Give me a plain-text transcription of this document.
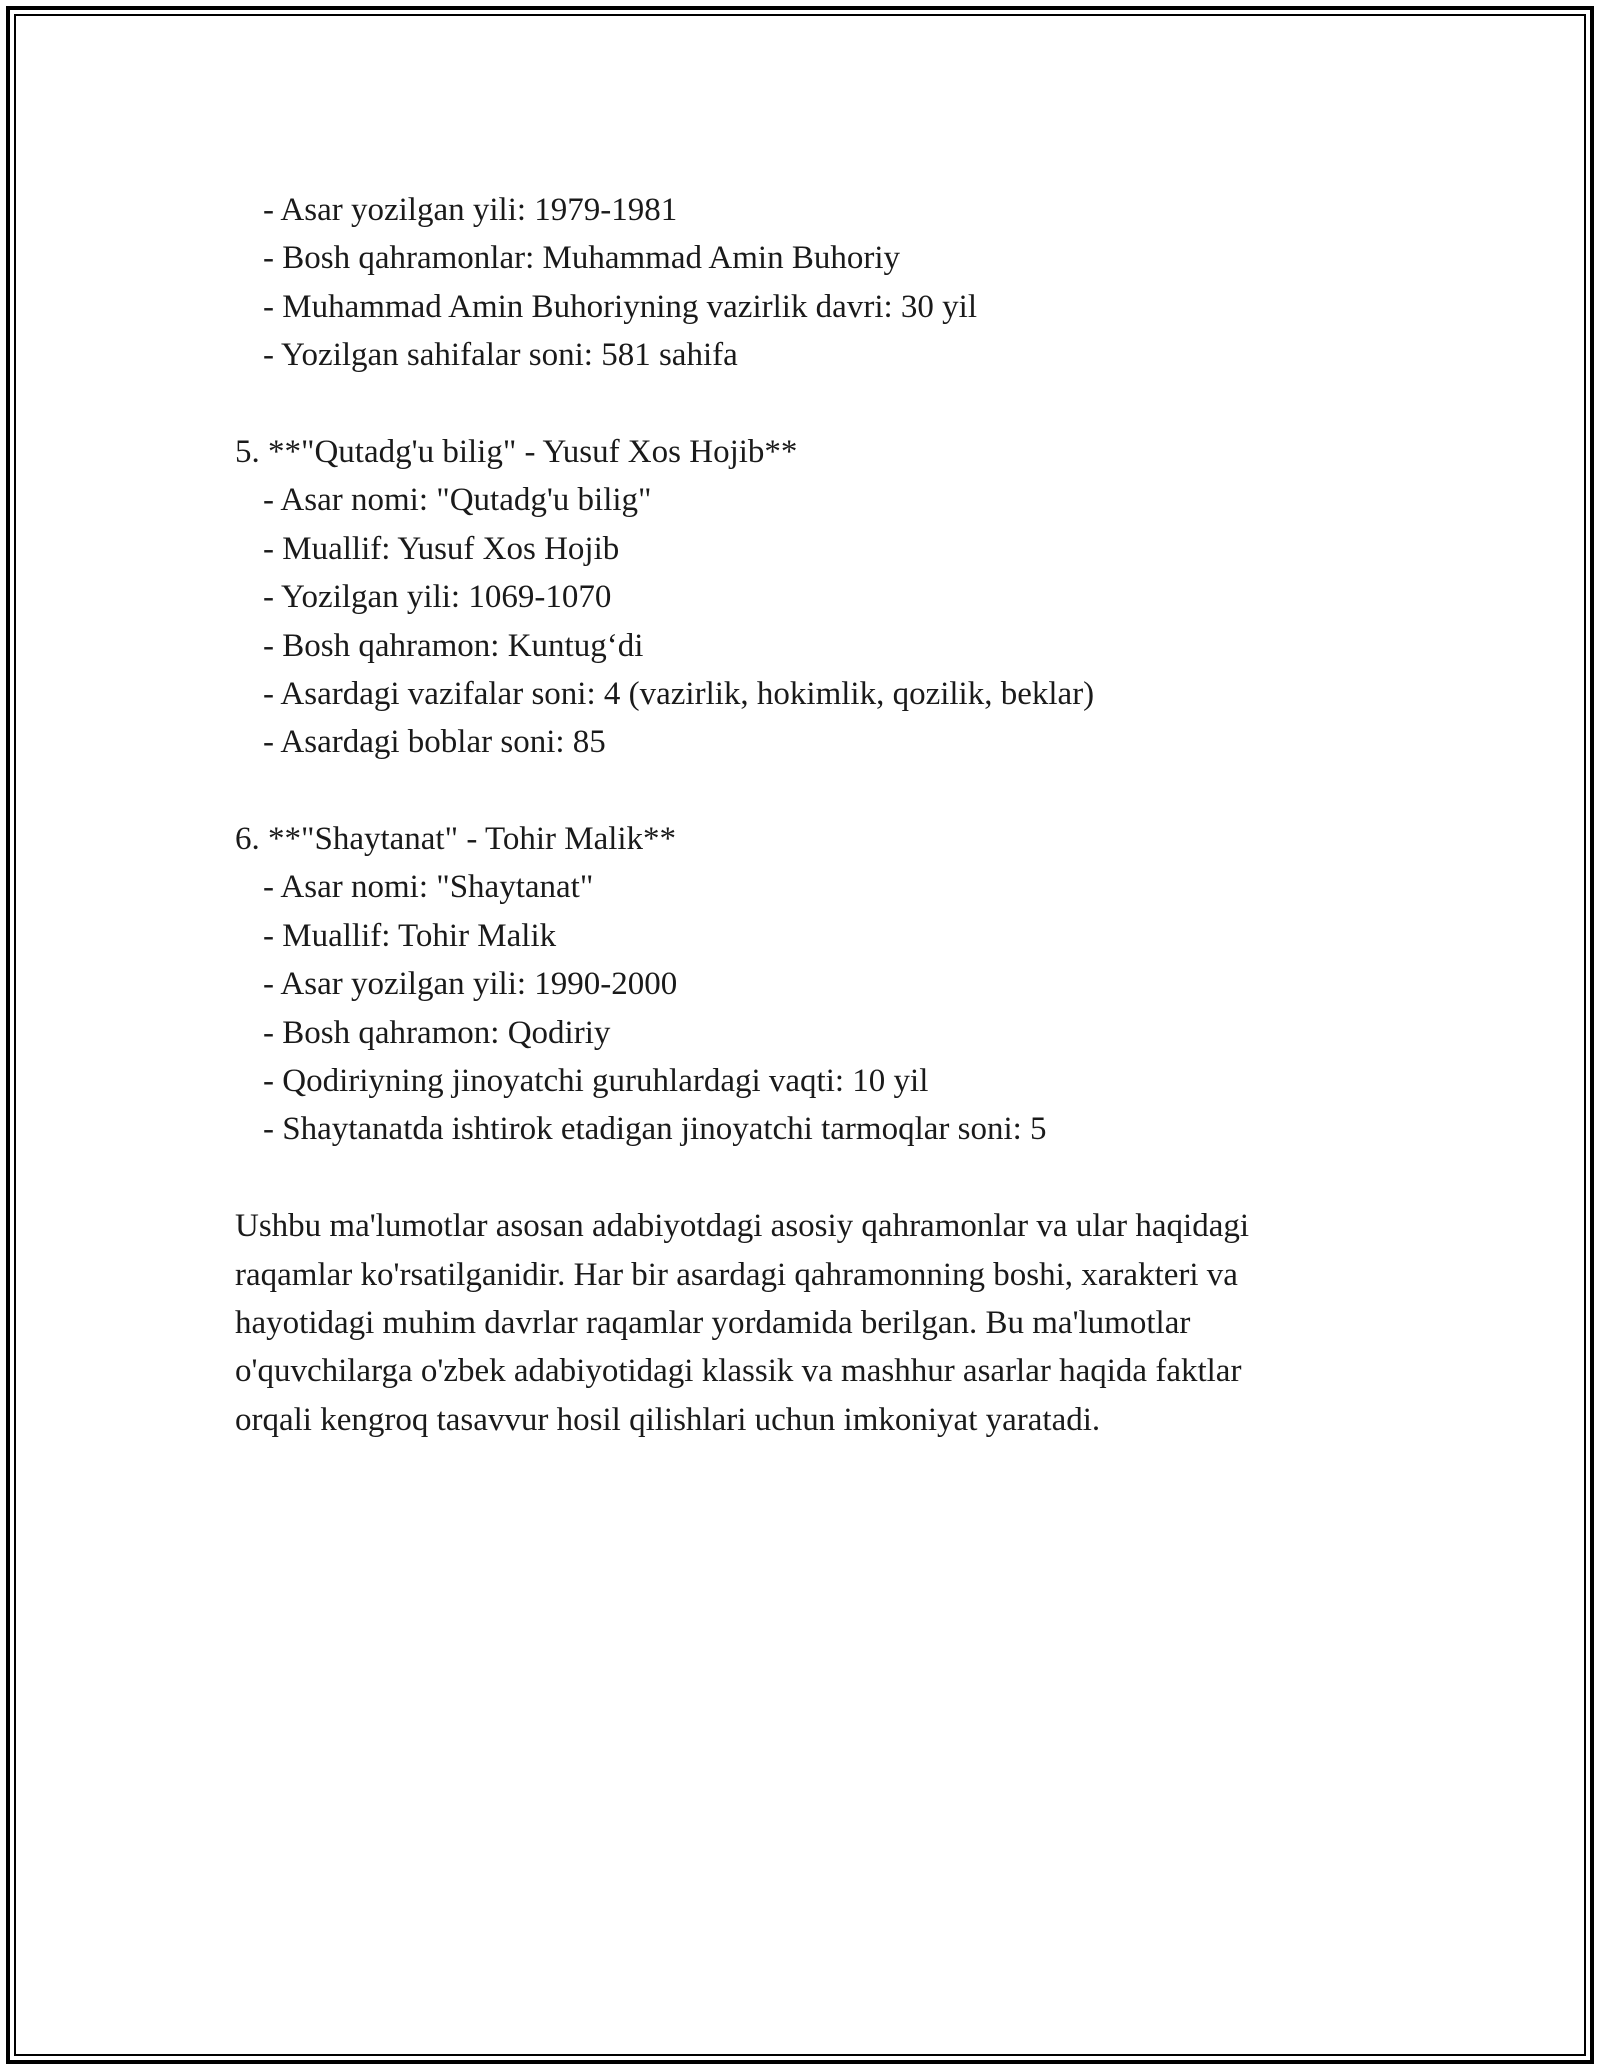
- Asar yozilgan yili: 1979-1981
- Bosh qahramonlar: Muhammad Amin Buhoriy
- Muhammad Amin Buhoriyning vazirlik davri: 30 yil
- Yozilgan sahifalar soni: 581 sahifa
5. **"Qutadg'u bilig" - Yusuf Xos Hojib**
- Asar nomi: "Qutadg'u bilig"
- Muallif: Yusuf Xos Hojib
- Yozilgan yili: 1069-1070
- Bosh qahramon: Kuntug‘di
- Asardagi vazifalar soni: 4 (vazirlik, hokimlik, qozilik, beklar)
- Asardagi boblar soni: 85
6. **"Shaytanat" - Tohir Malik**
- Asar nomi: "Shaytanat"
- Muallif: Tohir Malik
- Asar yozilgan yili: 1990-2000
- Bosh qahramon: Qodiriy
- Qodiriyning jinoyatchi guruhlardagi vaqti: 10 yil
- Shaytanatda ishtirok etadigan jinoyatchi tarmoqlar soni: 5
Ushbu ma'lumotlar asosan adabiyotdagi asosiy qahramonlar va ular haqidagi
raqamlar ko'rsatilganidir. Har bir asardagi qahramonning boshi, xarakteri va
hayotidagi muhim davrlar raqamlar yordamida berilgan. Bu ma'lumotlar
o'quvchilarga o'zbek adabiyotidagi klassik va mashhur asarlar haqida faktlar
orqali kengroq tasavvur hosil qilishlari uchun imkoniyat yaratadi.
